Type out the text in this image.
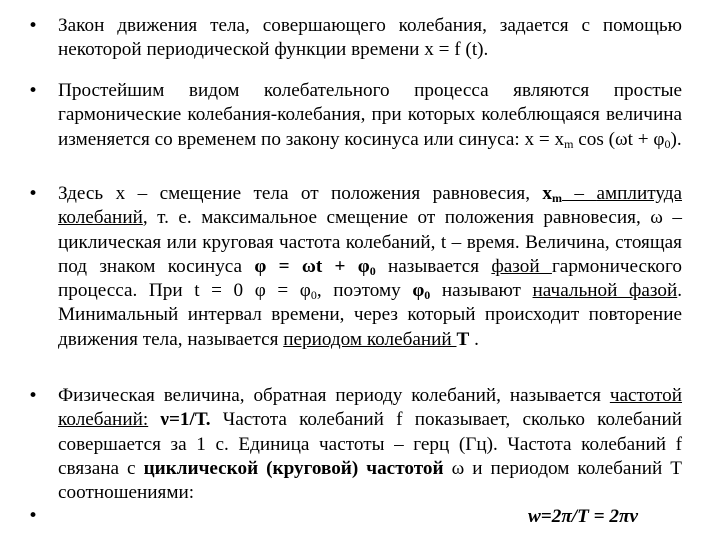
• Закон движения тела, совершающего колебания, задается с помощью некоторой периодической функции времени x = f (t).
• Простейшим видом колебательного процесса являются простые гармонические колебания-колебания, при которых колеблющаяся величина изменяется со временем по закону косинуса или синуса: $x = x_m$ $\cos (\omega t + \varphi_0)$.
• Здесь x – смещение тела от положения равновесия, $x_m$ – амплитуда колебаний, т. е. максимальное смещение от положения равновесия, ω – циклическая или круговая частота колебаний, t – время. Величина, стоящая под знаком косинуса $\varphi = \omega t + \varphi_0$ называется фазой гармонического процесса. При t = 0 $\varphi = \varphi_0$, поэтому $\varphi_0$ называют начальной фазой. Минимальный интервал времени, через который происходит повторение движения тела, называется периодом колебаний Т .
• Физическая величина, обратная периоду колебаний, называется частотой колебаний: ν=1/Т. Частота колебаний f показывает, сколько колебаний совершается за 1 с. Единица частоты – герц (Гц). Частота колебаний f связана с циклической (круговой) частотой ω и периодом колебаний Т соотношениями:
•	w=2π/T = 2πν
